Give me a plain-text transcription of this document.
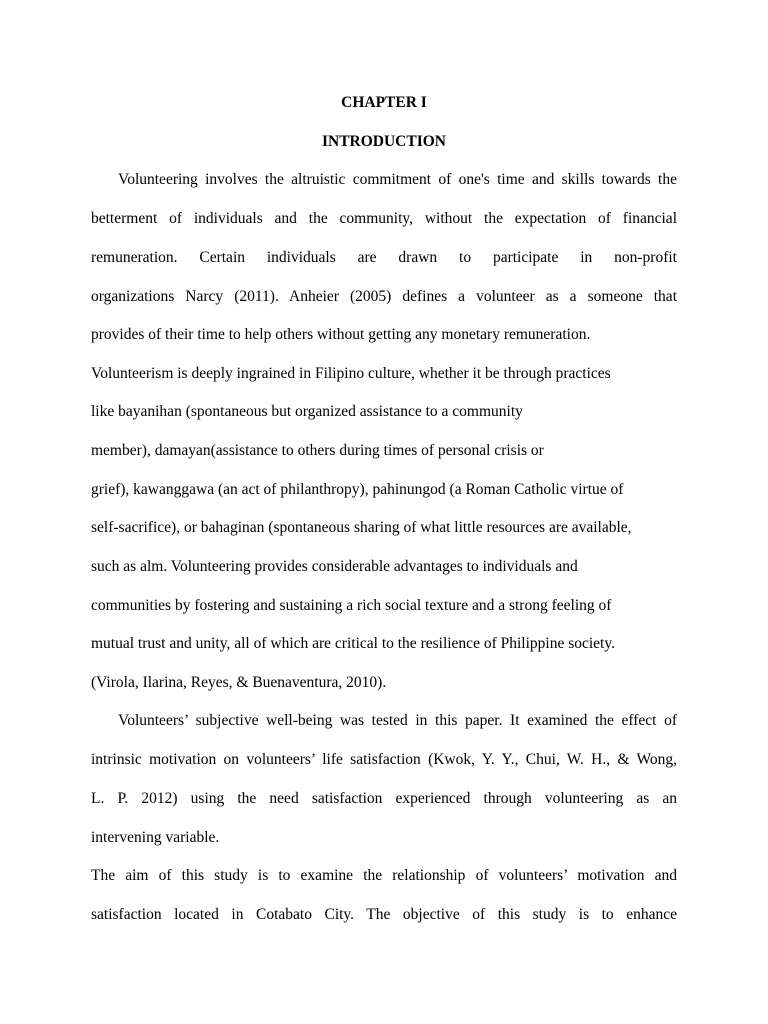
CHAPTER I
INTRODUCTION
Volunteering involves the altruistic commitment of one's time and skills towards the
betterment of individuals and the community, without the expectation of financial
remuneration. Certain individuals are drawn to participate in non-profit
organizations Narcy (2011). Anheier (2005) defines a volunteer as a someone that
provides of their time to help others without getting any monetary remuneration.
Volunteerism is deeply ingrained in Filipino culture, whether it be through practices
like bayanihan (spontaneous but organized assistance to a community
member), damayan(assistance to others during times of personal crisis or
grief), kawanggawa (an act of philanthropy), pahinungod (a Roman Catholic virtue of
self-sacrifice), or bahaginan (spontaneous sharing of what little resources are available,
such as alm. Volunteering provides considerable advantages to individuals and
communities by fostering and sustaining a rich social texture and a strong feeling of
mutual trust and unity, all of which are critical to the resilience of Philippine society.
(Virola, Ilarina, Reyes, & Buenaventura, 2010).
Volunteers’ subjective well-being was tested in this paper. It examined the effect of
intrinsic motivation on volunteers’ life satisfaction (Kwok, Y. Y., Chui, W. H., & Wong,
L. P. 2012) using the need satisfaction experienced through volunteering as an
intervening variable.
The aim of this study is to examine the relationship of volunteers’ motivation and
satisfaction located in Cotabato City. The objective of this study is to enhance
